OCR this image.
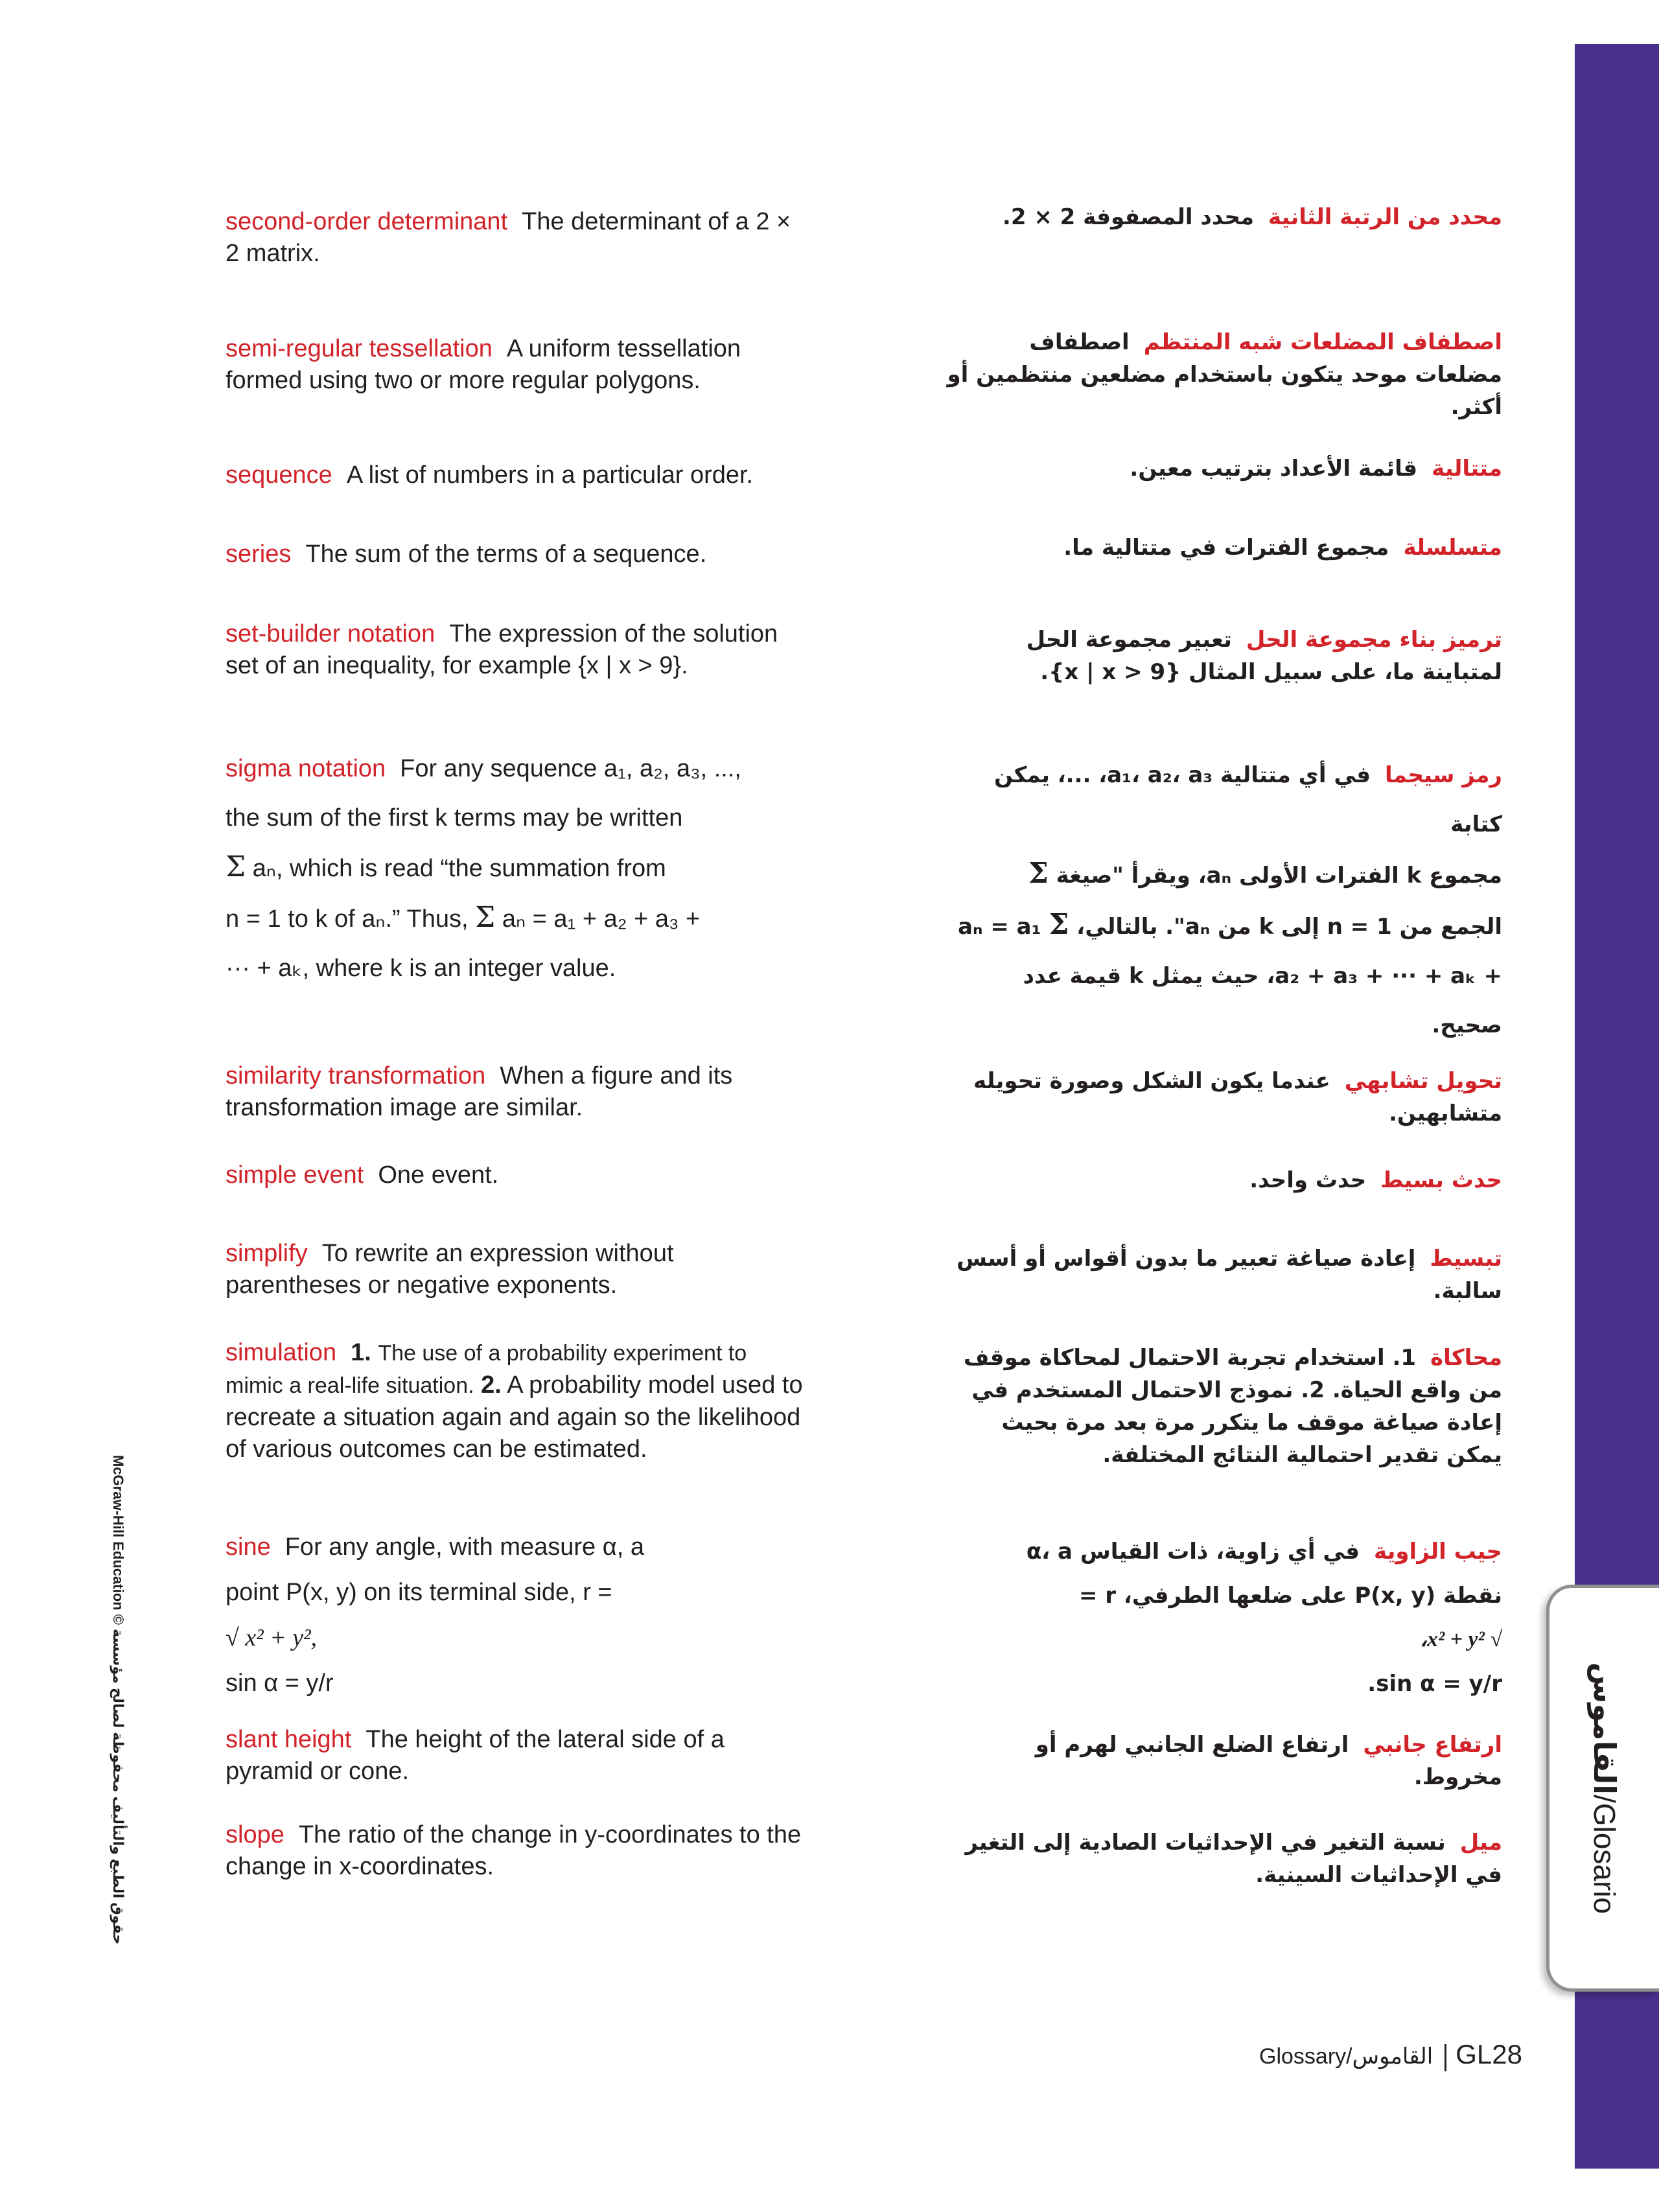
القاموس/Glosario
McGraw-Hill Education © حقوق الطبع والتأليف محفوظة لصالح مؤسسة
second-order determinant The determinant of a 2 × 2 matrix.
محدد من الرتبة الثانيةمحدد المصفوفة 2 × 2.
semi-regular tessellation A uniform tessellation formed using two or more regular polygons.
اصطفاف المضلعات شبه المنتظماصطفاف مضلعات موحد يتكون باستخدام مضلعين منتظمين أو أكثر.
sequence A list of numbers in a particular order.	متتاليةقائمة الأعداد بترتيب معين.
series The sum of the terms of a sequence.	متسلسلةمجموع الفترات في متتالية ما.
set-builder notation The expression of the solution set of an inequality, for example {x | x > 9}.
ترميز بناء مجموعة الحلتعبير مجموعة الحل لمتباينة ما، على سبيل المثال {x | x > 9}.
sigma notation For any sequence a₁, a₂, a₃, ...,
the sum of the first k terms may be written
Σ aₙ, which is read “the summation from
n = 1 to k of aₙ.” Thus, Σ aₙ = a₁ + a₂ + a₃ +
··· + aₖ, where k is an integer value.
رمز سيجمافي أي متتالية a₁، a₂، a₃، ...، يمكن كتابة
مجموع k الفترات الأولى aₙ، ويقرأ "صيغة Σ
الجمع من n = 1 إلى k من aₙ". بالتالي، aₙ = a₁ Σ
+ a₂ + a₃ + ··· + aₖ، حيث يمثل k قيمة عدد
صحيح.
similarity transformation When a figure and its transformation image are similar.
تحويل تشابهيعندما يكون الشكل وصورة تحويله متشابهين.
simple event One event.	حدث بسيطحدث واحد.
simplify To rewrite an expression without parentheses or negative exponents.
تبسيطإعادة صياغة تعبير ما بدون أقواس أو أسس سالبة.
simulation 1. The use of a probability experiment to mimic a real-life situation. 2. A probability model used to recreate a situation again and again so the likelihood of various outcomes can be estimated.
محاكاة1. استخدام تجربة الاحتمال لمحاكاة موقف من واقع الحياة. 2. نموذج الاحتمال المستخدم في إعادة صياغة موقف ما يتكرر مرة بعد مرة بحيث يمكن تقدير احتمالية النتائج المختلفة.
sine For any angle, with measure α, a
point P(x, y) on its terminal side, r =
√ x² + y²,
sin α = y/r
جيب الزاويةفي أي زاوية، ذات القياس α، a
نقطة P(x, y) على ضلعها الطرفي، r =
√ x² + y²،
sin α = y/r.
slant height The height of the lateral side of a pyramid or cone.
ارتفاع جانبيارتفاع الضلع الجانبي لهرم أو مخروط.
slope The ratio of the change in y-coordinates to the change in x-coordinates.
ميلنسبة التغير في الإحداثيات الصادية إلى التغير في الإحداثيات السينية.
Glossary/القاموس GL28
